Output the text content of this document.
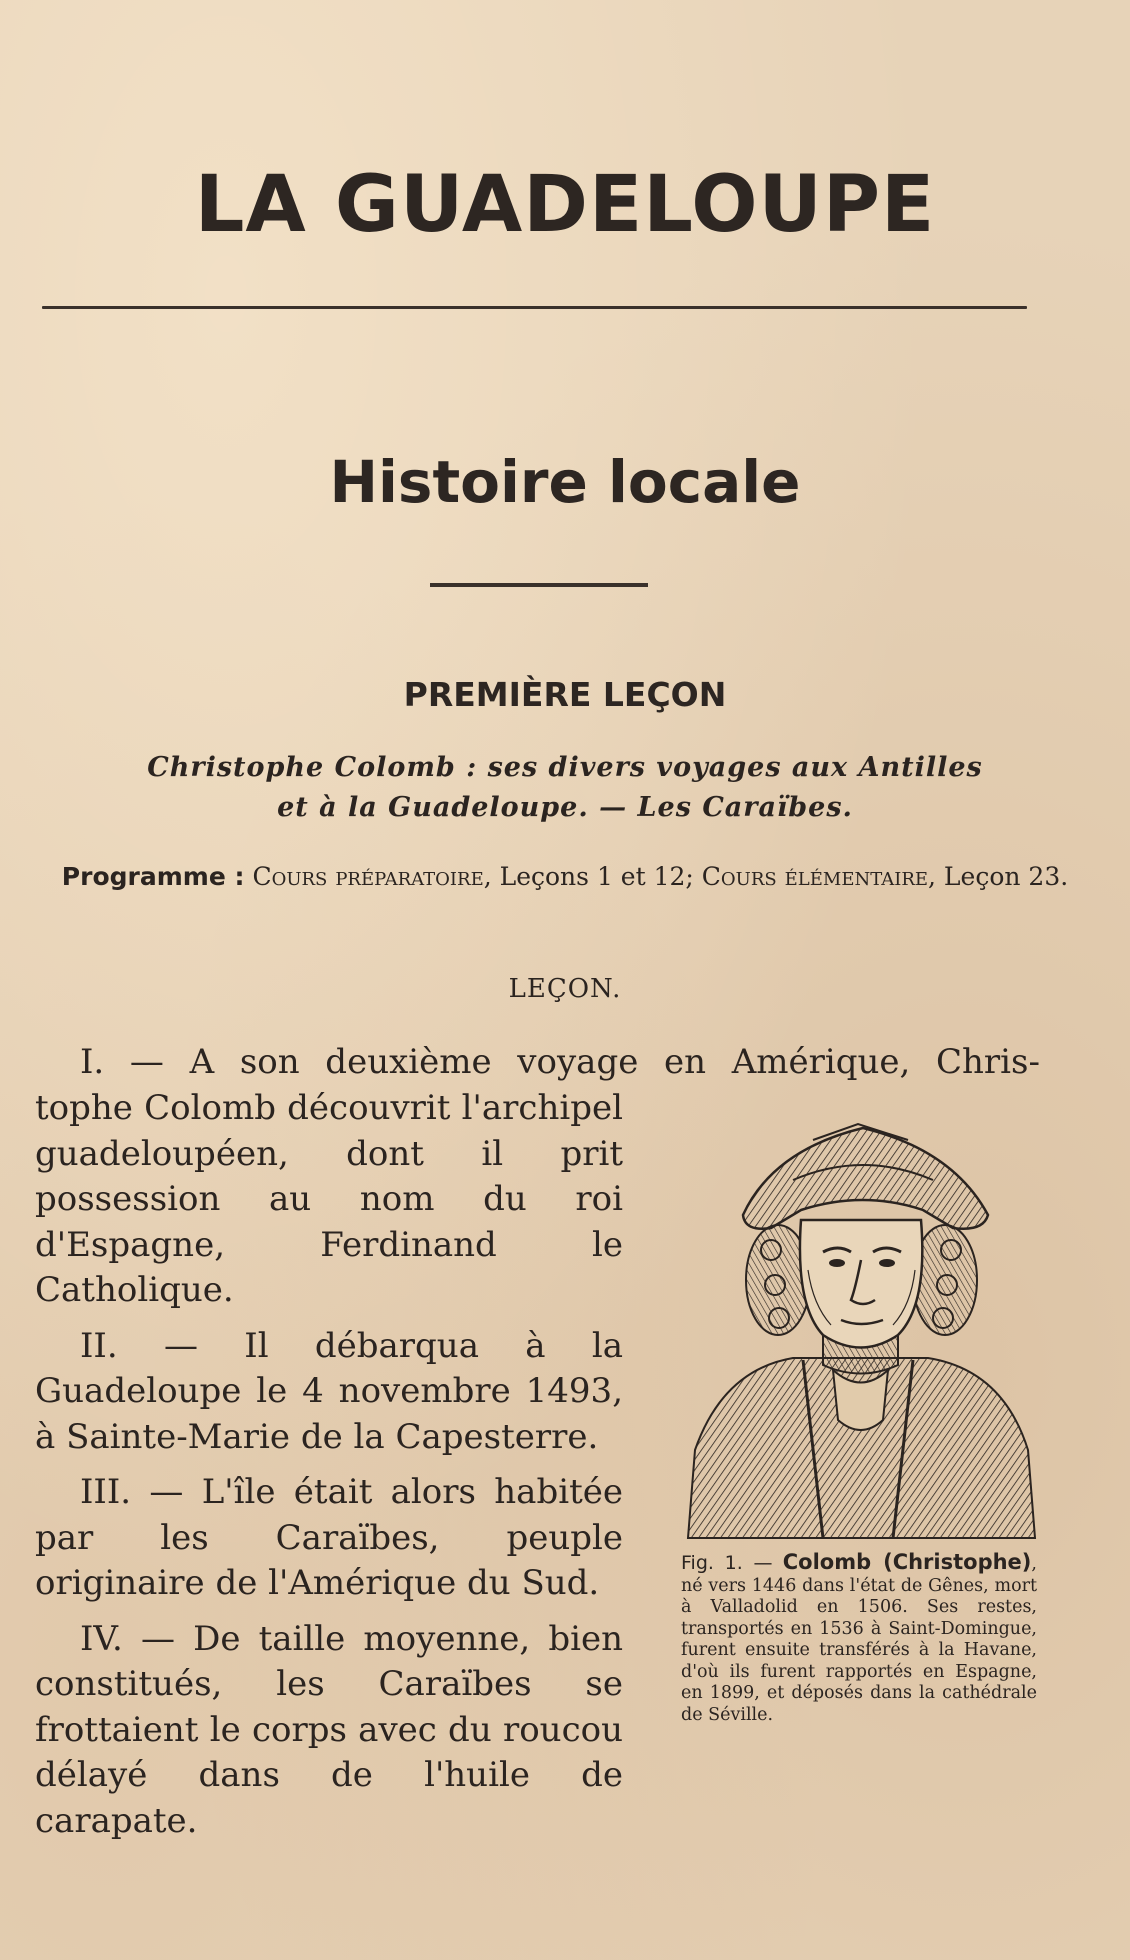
LA GUADELOUPE
Histoire locale
PREMIÈRE LEÇON
Christophe Colomb : ses divers voyages aux Antilles
et à la Guadeloupe. — Les Caraïbes.
Programme : Cours préparatoire, Leçons 1 et 12; Cours élémentaire, Leçon 23.
LEÇON.
I. — A son deuxième voyage en Amérique, Chris-

tophe Colomb découvrit l'archipel guadeloupéen, dont il prit possession au nom du roi d'Espagne, Ferdinand le Catholique.

II. — Il débarqua à la Guadeloupe le 4 novembre 1493, à Sainte-Marie de la Capesterre.

III. — L'île était alors habitée par les Caraïbes, peuple originaire de l'Amérique du Sud.

IV. — De taille moyenne, bien constitués, les Caraïbes se frottaient le corps avec du roucou délayé dans de l'huile de carapate.

Fig. 1. — Colomb (Christophe), né vers 1446 dans l'état de Gênes, mort à Valladolid en 1506. Ses restes, transportés en 1536 à Saint-Domingue, furent ensuite transférés à la Havane, d'où ils furent rapportés en Espagne, en 1899, et déposés dans la cathédrale de Séville.
